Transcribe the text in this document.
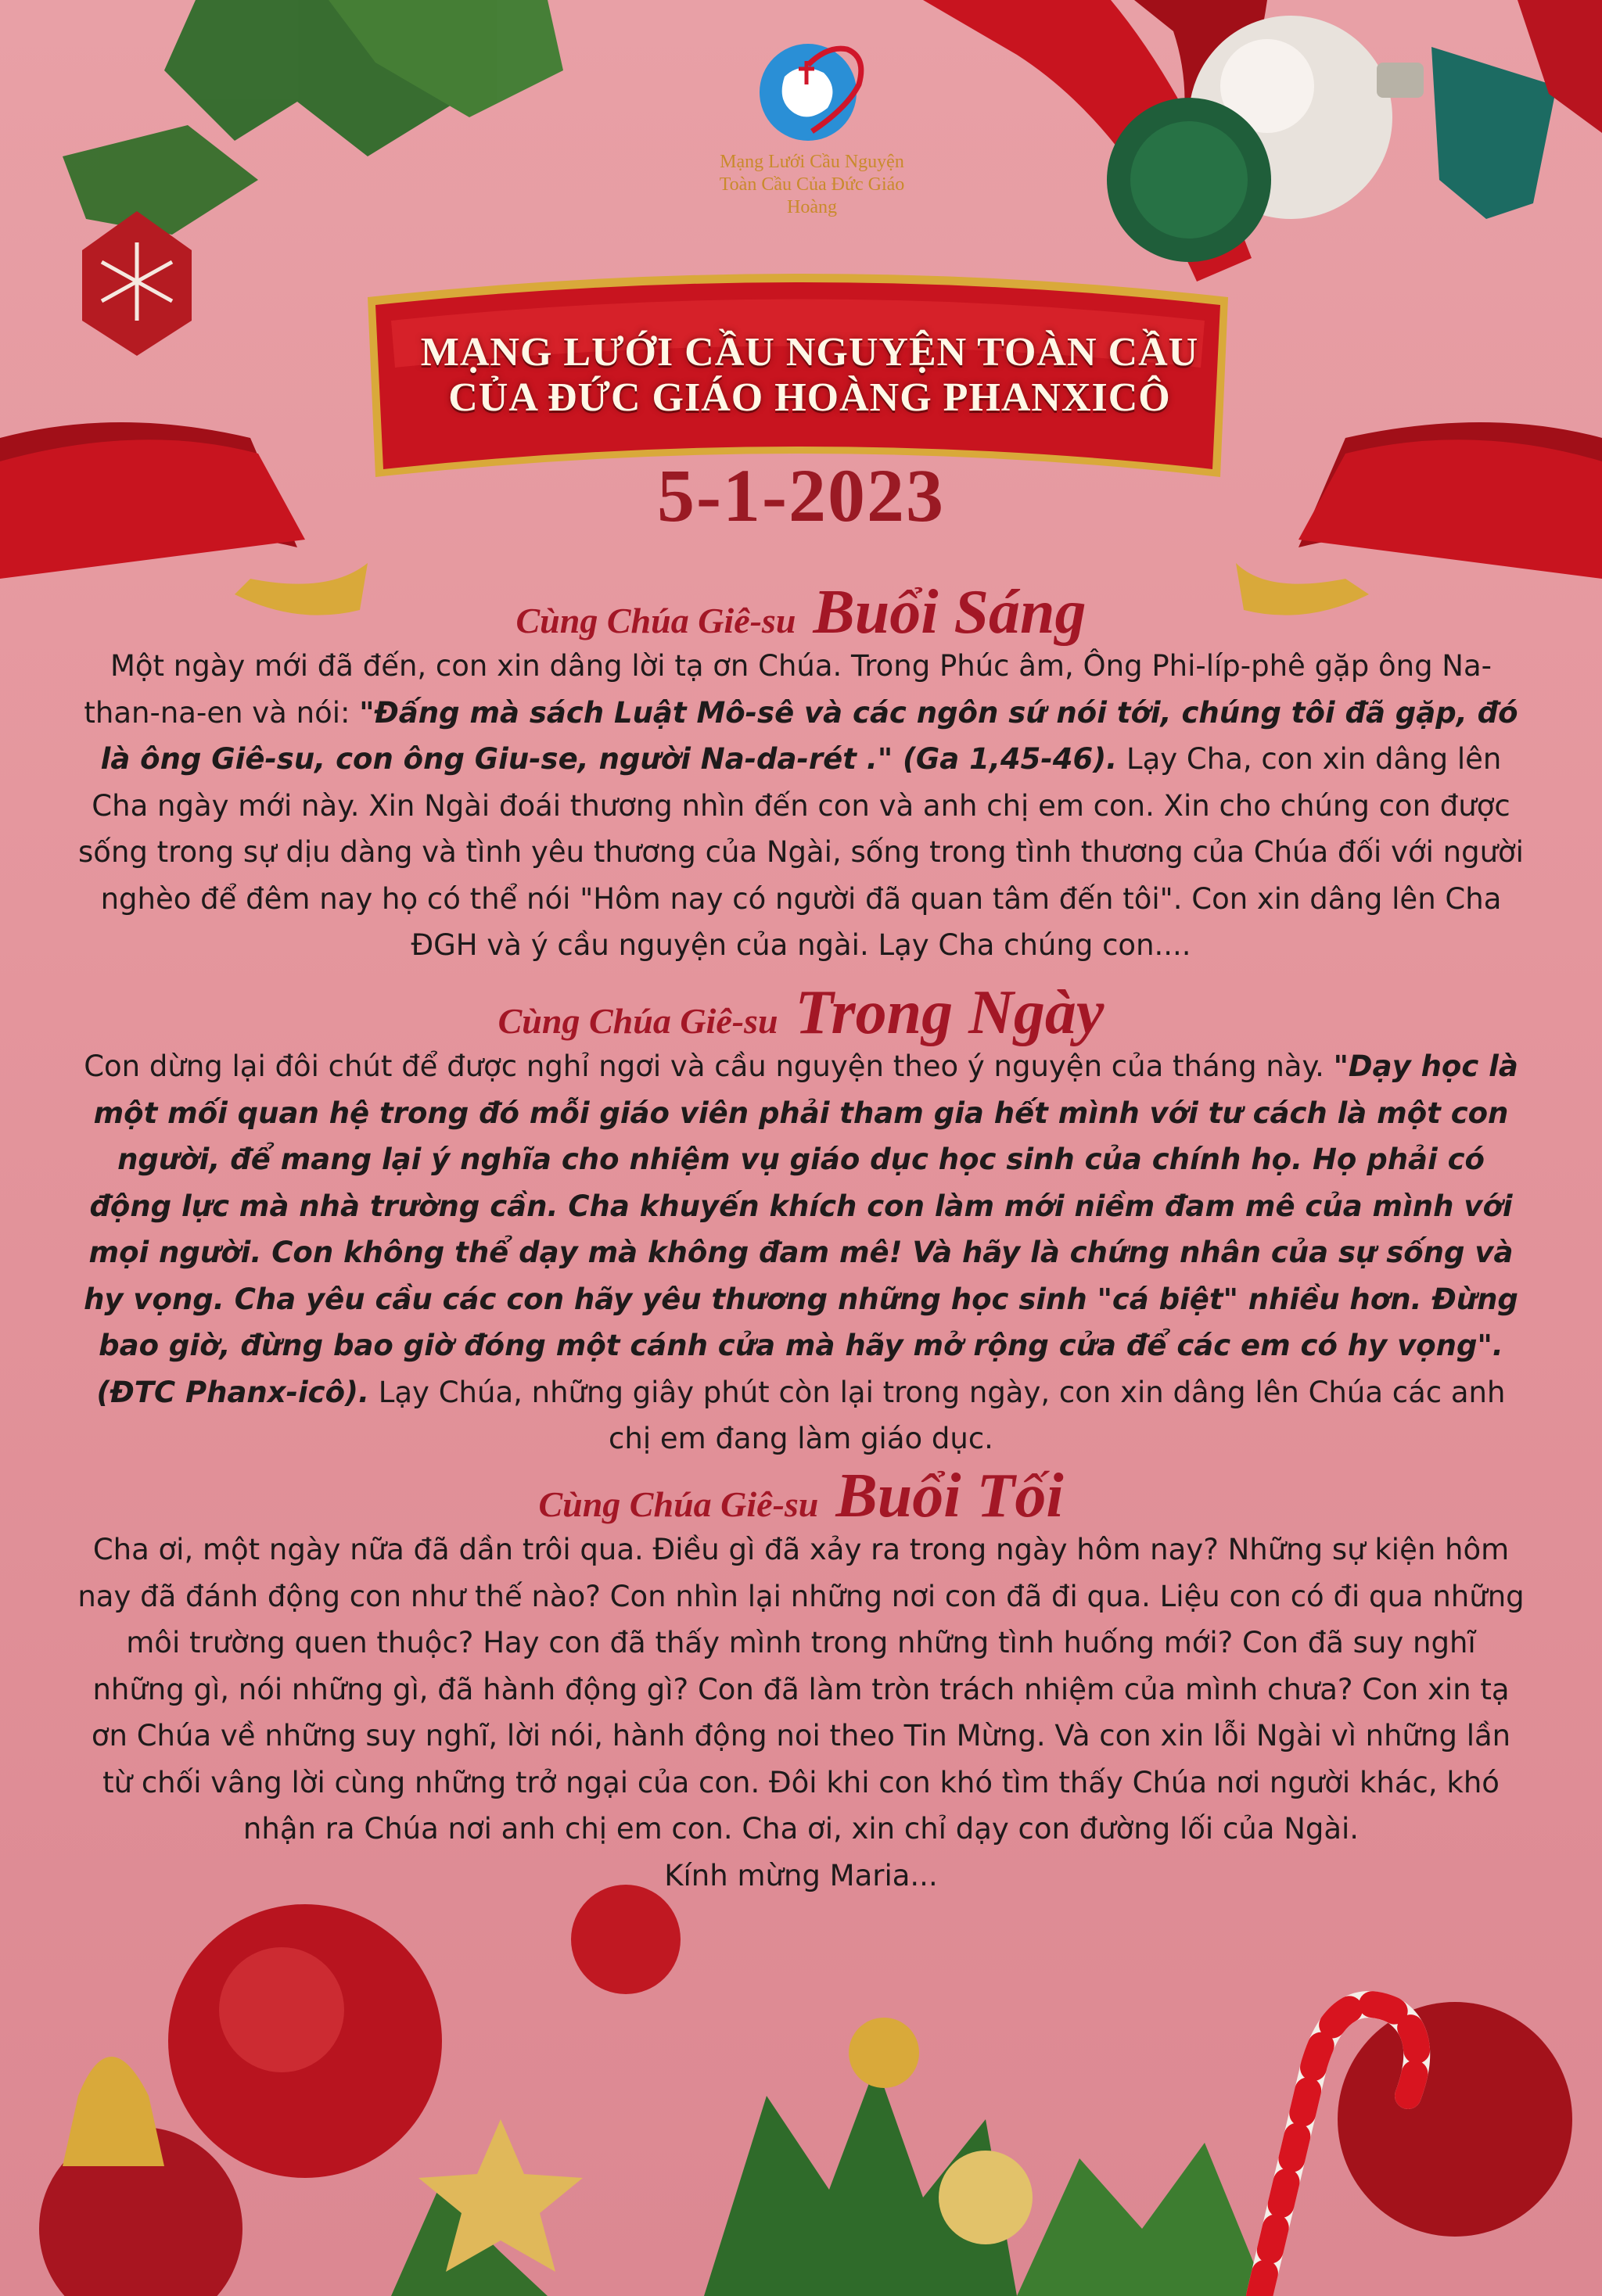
Mạng Lưới Cầu Nguyện
Toàn Cầu Của Đức Giáo Hoàng
MẠNG LƯỚI CẦU NGUYỆN TOÀN CẦU
CỦA ĐỨC GIÁO HOÀNG PHANXICÔ
5-1-2023
Cùng Chúa Giê-su Buổi Sáng
Một ngày mới đã đến, con xin dâng lời tạ ơn Chúa. Trong Phúc âm, Ông Phi-líp-phê gặp ông Na-than-na-en và nói: "Đấng mà sách Luật Mô-sê và các ngôn sứ nói tới, chúng tôi đã gặp, đó là ông Giê-su, con ông Giu-se, người Na-da-rét ." (Ga 1,45-46). Lạy Cha, con xin dâng lên Cha ngày mới này. Xin Ngài đoái thương nhìn đến con và anh chị em con. Xin cho chúng con được sống trong sự dịu dàng và tình yêu thương của Ngài, sống trong tình thương của Chúa đối với người nghèo để đêm nay họ có thể nói "Hôm nay có người đã quan tâm đến tôi". Con xin dâng lên Cha ĐGH và ý cầu nguyện của ngài. Lạy Cha chúng con....
Cùng Chúa Giê-su Trong Ngày
Con dừng lại đôi chút để được nghỉ ngơi và cầu nguyện theo ý nguyện của tháng này. "Dạy học là một mối quan hệ trong đó mỗi giáo viên phải tham gia hết mình với tư cách là một con người, để mang lại ý nghĩa cho nhiệm vụ giáo dục học sinh của chính họ. Họ phải có động lực mà nhà trường cần. Cha khuyến khích con làm mới niềm đam mê của mình với mọi người. Con không thể dạy mà không đam mê! Và hãy là chứng nhân của sự sống và hy vọng. Cha yêu cầu các con hãy yêu thương những học sinh "cá biệt" nhiều hơn. Đừng bao giờ, đừng bao giờ đóng một cánh cửa mà hãy mở rộng cửa để các em có hy vọng". (ĐTC Phanx-icô). Lạy Chúa, những giây phút còn lại trong ngày, con xin dâng lên Chúa các anh chị em đang làm giáo dục.
Cùng Chúa Giê-su Buổi Tối
Cha ơi, một ngày nữa đã dần trôi qua. Điều gì đã xảy ra trong ngày hôm nay? Những sự kiện hôm nay đã đánh động con như thế nào? Con nhìn lại những nơi con đã đi qua. Liệu con có đi qua những môi trường quen thuộc? Hay con đã thấy mình trong những tình huống mới? Con đã suy nghĩ những gì, nói những gì, đã hành động gì? Con đã làm tròn trách nhiệm của mình chưa? Con xin tạ ơn Chúa về những suy nghĩ, lời nói, hành động noi theo Tin Mừng. Và con xin lỗi Ngài vì những lần từ chối vâng lời cùng những trở ngại của con. Đôi khi con khó tìm thấy Chúa nơi người khác, khó nhận ra Chúa nơi anh chị em con. Cha ơi, xin chỉ dạy con đường lối của Ngài.
Kính mừng Maria...
